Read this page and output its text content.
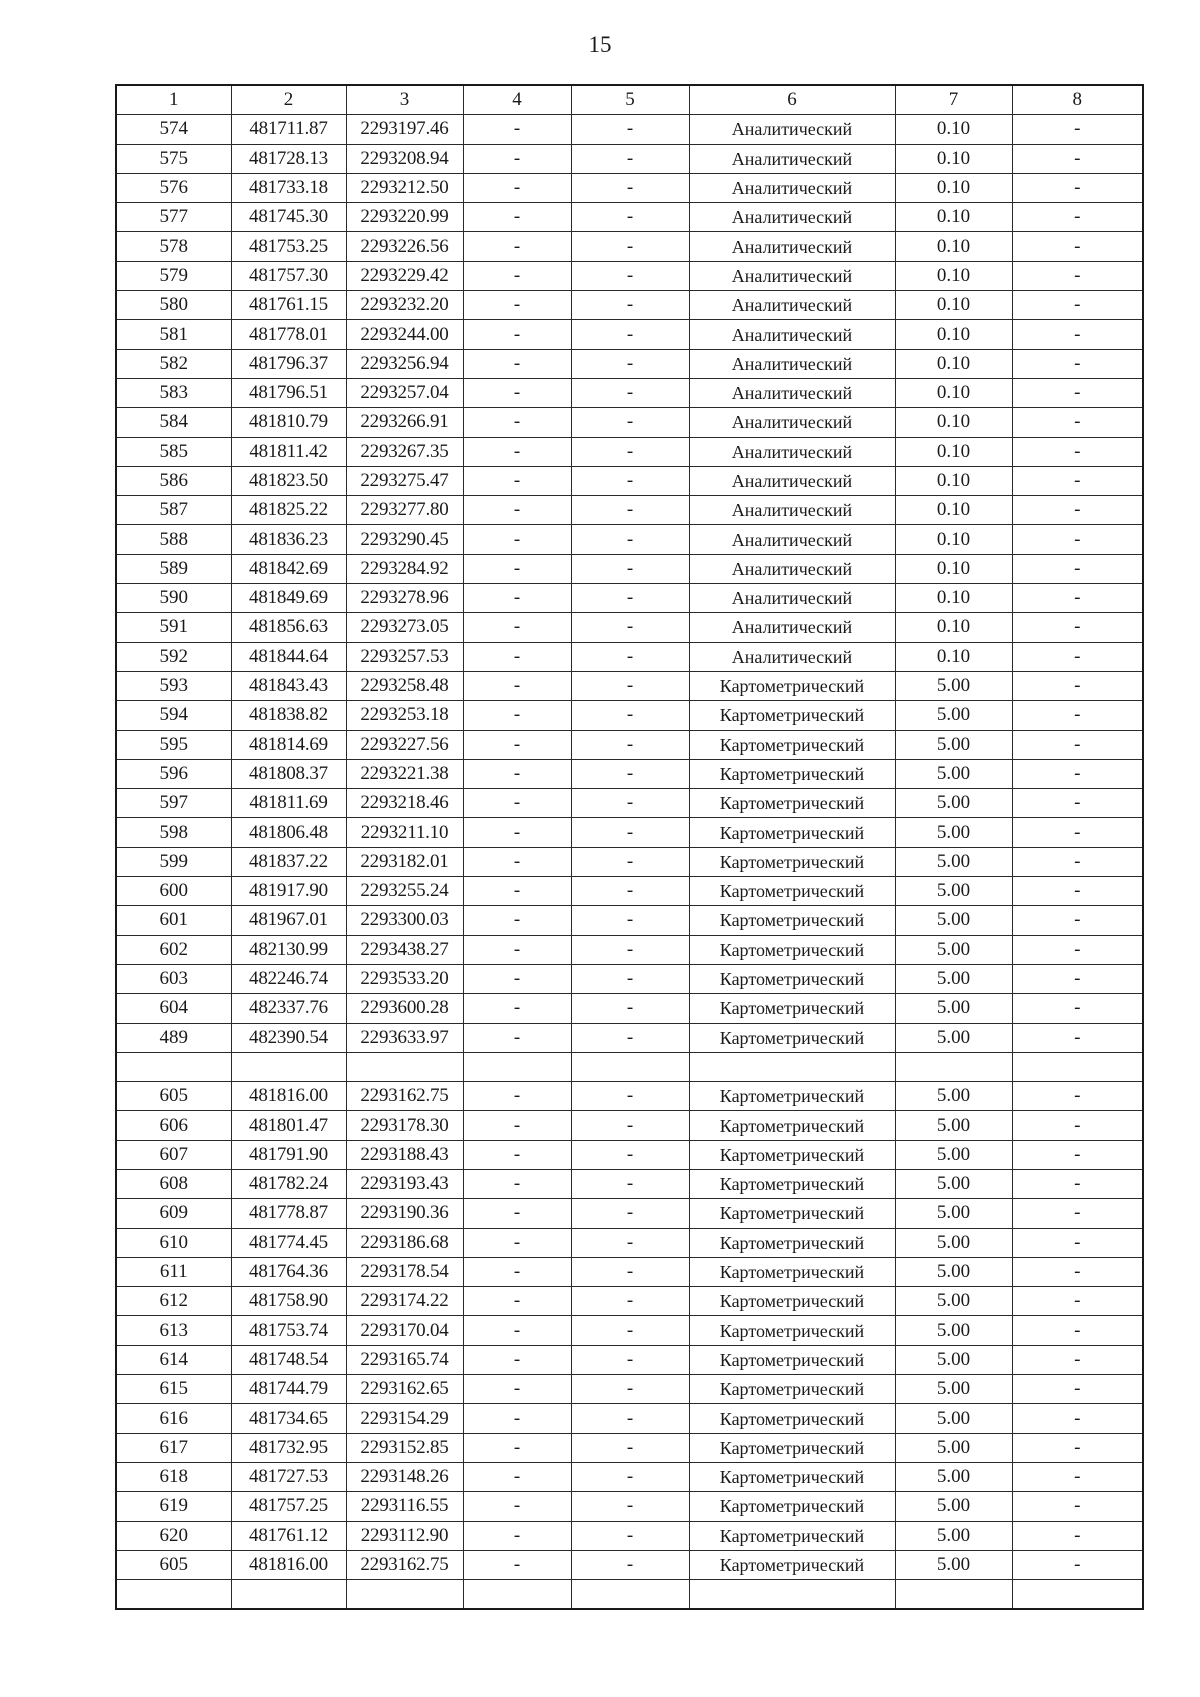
15
1	2	3	4	5	6	7	8
574	481711.87	2293197.46	-	-	Аналитический	0.10	-
575	481728.13	2293208.94	-	-	Аналитический	0.10	-
576	481733.18	2293212.50	-	-	Аналитический	0.10	-
577	481745.30	2293220.99	-	-	Аналитический	0.10	-
578	481753.25	2293226.56	-	-	Аналитический	0.10	-
579	481757.30	2293229.42	-	-	Аналитический	0.10	-
580	481761.15	2293232.20	-	-	Аналитический	0.10	-
581	481778.01	2293244.00	-	-	Аналитический	0.10	-
582	481796.37	2293256.94	-	-	Аналитический	0.10	-
583	481796.51	2293257.04	-	-	Аналитический	0.10	-
584	481810.79	2293266.91	-	-	Аналитический	0.10	-
585	481811.42	2293267.35	-	-	Аналитический	0.10	-
586	481823.50	2293275.47	-	-	Аналитический	0.10	-
587	481825.22	2293277.80	-	-	Аналитический	0.10	-
588	481836.23	2293290.45	-	-	Аналитический	0.10	-
589	481842.69	2293284.92	-	-	Аналитический	0.10	-
590	481849.69	2293278.96	-	-	Аналитический	0.10	-
591	481856.63	2293273.05	-	-	Аналитический	0.10	-
592	481844.64	2293257.53	-	-	Аналитический	0.10	-
593	481843.43	2293258.48	-	-	Картометрический	5.00	-
594	481838.82	2293253.18	-	-	Картометрический	5.00	-
595	481814.69	2293227.56	-	-	Картометрический	5.00	-
596	481808.37	2293221.38	-	-	Картометрический	5.00	-
597	481811.69	2293218.46	-	-	Картометрический	5.00	-
598	481806.48	2293211.10	-	-	Картометрический	5.00	-
599	481837.22	2293182.01	-	-	Картометрический	5.00	-
600	481917.90	2293255.24	-	-	Картометрический	5.00	-
601	481967.01	2293300.03	-	-	Картометрический	5.00	-
602	482130.99	2293438.27	-	-	Картометрический	5.00	-
603	482246.74	2293533.20	-	-	Картометрический	5.00	-
604	482337.76	2293600.28	-	-	Картометрический	5.00	-
489	482390.54	2293633.97	-	-	Картометрический	5.00	-

605	481816.00	2293162.75	-	-	Картометрический	5.00	-
606	481801.47	2293178.30	-	-	Картометрический	5.00	-
607	481791.90	2293188.43	-	-	Картометрический	5.00	-
608	481782.24	2293193.43	-	-	Картометрический	5.00	-
609	481778.87	2293190.36	-	-	Картометрический	5.00	-
610	481774.45	2293186.68	-	-	Картометрический	5.00	-
611	481764.36	2293178.54	-	-	Картометрический	5.00	-
612	481758.90	2293174.22	-	-	Картометрический	5.00	-
613	481753.74	2293170.04	-	-	Картометрический	5.00	-
614	481748.54	2293165.74	-	-	Картометрический	5.00	-
615	481744.79	2293162.65	-	-	Картометрический	5.00	-
616	481734.65	2293154.29	-	-	Картометрический	5.00	-
617	481732.95	2293152.85	-	-	Картометрический	5.00	-
618	481727.53	2293148.26	-	-	Картометрический	5.00	-
619	481757.25	2293116.55	-	-	Картометрический	5.00	-
620	481761.12	2293112.90	-	-	Картометрический	5.00	-
605	481816.00	2293162.75	-	-	Картометрический	5.00	-
